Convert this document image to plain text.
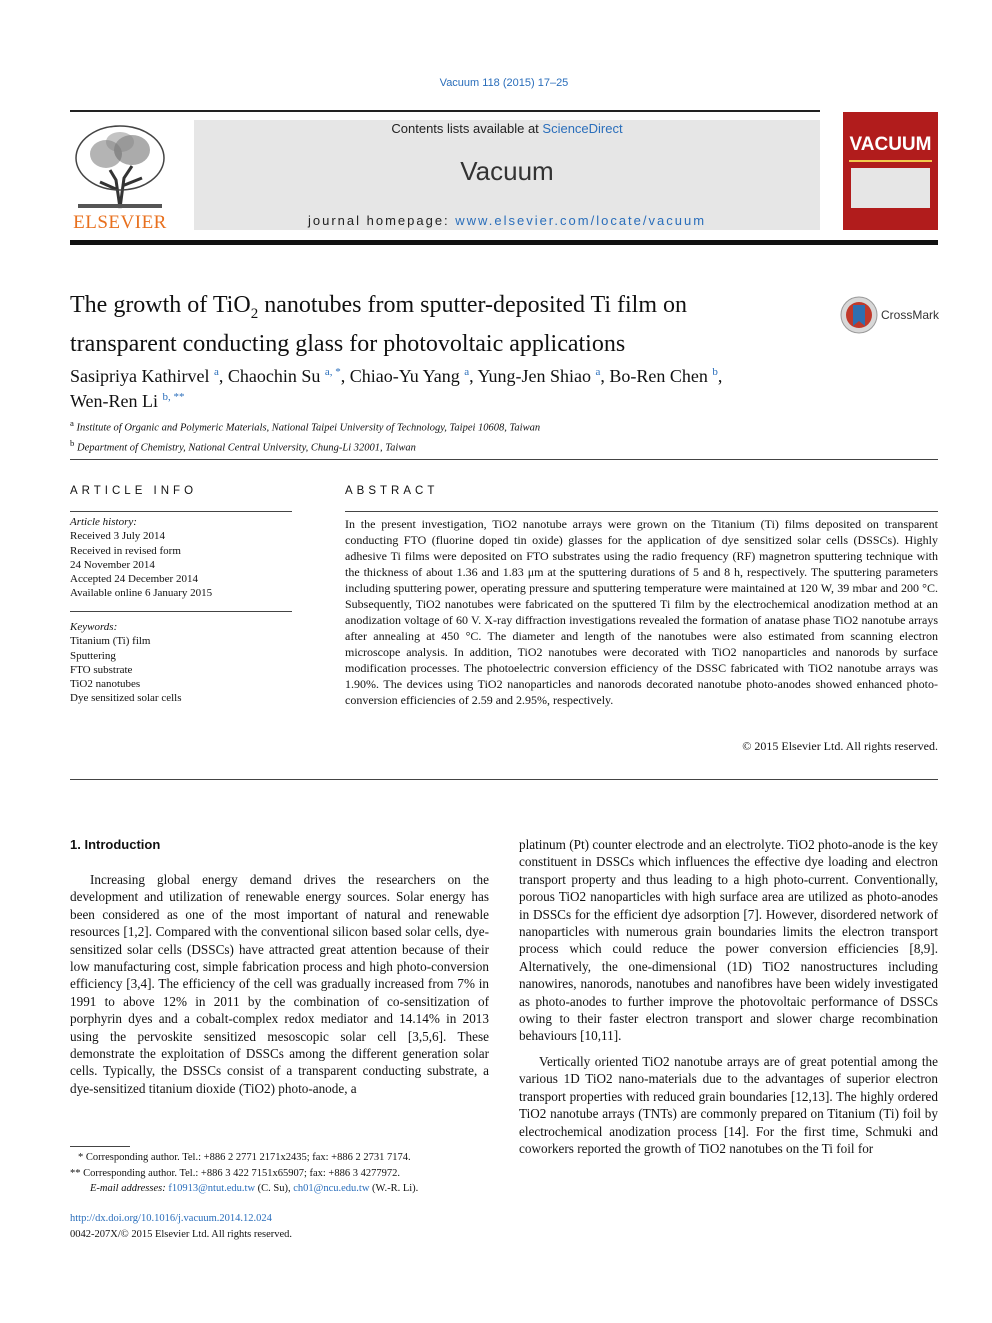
Vacuum 118 (2015) 17–25
ELSEVIER
Contents lists available at ScienceDirect
Vacuum
journal homepage: www.elsevier.com/locate/vacuum
VACUUM
The growth of TiO$_2$ nanotubes from sputter-deposited Ti film on transparent conducting glass for photovoltaic applications
CrossMark
Sasipriya Kathirvel $^a$, Chaochin Su $^{a, *}$, Chiao-Yu Yang $^a$, Yung-Jen Shiao $^a$, Bo-Ren Chen $^b$,
Wen-Ren Li $^{b, **}$
$^a$ Institute of Organic and Polymeric Materials, National Taipei University of Technology, Taipei 10608, Taiwan
$^b$ Department of Chemistry, National Central University, Chung-Li 32001, Taiwan
ARTICLE INFO
Article history:
Received 3 July 2014
Received in revised form
24 November 2014
Accepted 24 December 2014
Available online 6 January 2015
Keywords:
Titanium (Ti) film
Sputtering
FTO substrate
TiO2 nanotubes
Dye sensitized solar cells
ABSTRACT
In the present investigation, TiO2 nanotube arrays were grown on the Titanium (Ti) films deposited on transparent conducting FTO (fluorine doped tin oxide) glasses for the application of dye sensitized solar cells (DSSCs). Highly adhesive Ti films were deposited on FTO substrates using the radio frequency (RF) magnetron sputtering technique with the thickness of about 1.36 and 1.83 μm at the sputtering durations of 5 and 8 h, respectively. The sputtering parameters including sputtering power, operating pressure and sputtering temperature were maintained at 120 W, 39 mbar and 200 °C. Subsequently, TiO2 nanotubes were fabricated on the sputtered Ti film by the electrochemical anodization method at an anodization voltage of 60 V. X-ray diffraction investigations revealed the formation of anatase phase TiO2 nanotube arrays after annealing at 450 °C. The diameter and length of the nanotubes were also estimated from scanning electron microscope analysis. In addition, TiO2 nanotubes were decorated with TiO2 nanoparticles and nanorods by surface modification processes. The photoelectric conversion efficiency of the DSSC fabricated with TiO2 nanotube arrays was 1.90%. The devices using TiO2 nanoparticles and nanorods decorated nanotube photo-anodes showed enhanced photo-conversion efficiencies of 2.59 and 2.95%, respectively.
© 2015 Elsevier Ltd. All rights reserved.
1. Introduction

Increasing global energy demand drives the researchers on the development and utilization of renewable energy sources. Solar energy has been considered as one of the most important of natural and renewable resources [1,2]. Compared with the conventional silicon based solar cells, dye-sensitized solar cells (DSSCs) have attracted great attention because of their low manufacturing cost, simple fabrication process and high photo-conversion efficiency [3,4]. The efficiency of the cell was gradually increased from 7% in 1991 to above 12% in 2011 by the combination of co-sensitization of porphyrin dyes and a cobalt-complex redox mediator and 14.14% in 2013 using the pervoskite sensitized mesoscopic solar cell [3,5,6]. These demonstrate the exploitation of DSSCs among the different generation solar cells. Typically, the DSSCs consist of a transparent conducting substrate, a dye-sensitized titanium dioxide (TiO2) photo-anode, a

platinum (Pt) counter electrode and an electrolyte. TiO2 photo-anode is the key constituent in DSSCs which influences the effective dye loading and electron transport property and thus leading to a high photo-current. Conventionally, porous TiO2 nanoparticles with high surface area are utilized as photo-anodes in DSSCs for the efficient dye adsorption [7]. However, disordered network of nanoparticles with numerous grain boundaries limits the electron transport process which could reduce the power conversion efficiencies [8,9]. Alternatively, the one-dimensional (1D) TiO2 nanostructures including nanowires, nanorods, nanotubes and nanofibres have been widely investigated as photo-anodes to further improve the photovoltaic performance of DSSCs owing to their faster electron transport and slower charge recombination behaviours [10,11].

Vertically oriented TiO2 nanotube arrays are of great potential among the various 1D TiO2 nano-materials due to the advantages of superior electron transport properties with reduced grain boundaries [12,13]. The highly ordered TiO2 nanotube arrays (TNTs) are commonly prepared on Titanium (Ti) foil by electrochemical anodization process [14]. For the first time, Schmuki and coworkers reported the growth of TiO2 nanotubes on the Ti foil for

* Corresponding author. Tel.: +886 2 2771 2171x2435; fax: +886 2 2731 7174.
** Corresponding author. Tel.: +886 3 422 7151x65907; fax: +886 3 4277972.
E-mail addresses: f10913@ntut.edu.tw (C. Su), ch01@ncu.edu.tw (W.-R. Li).
http://dx.doi.org/10.1016/j.vacuum.2014.12.024
0042-207X/© 2015 Elsevier Ltd. All rights reserved.
